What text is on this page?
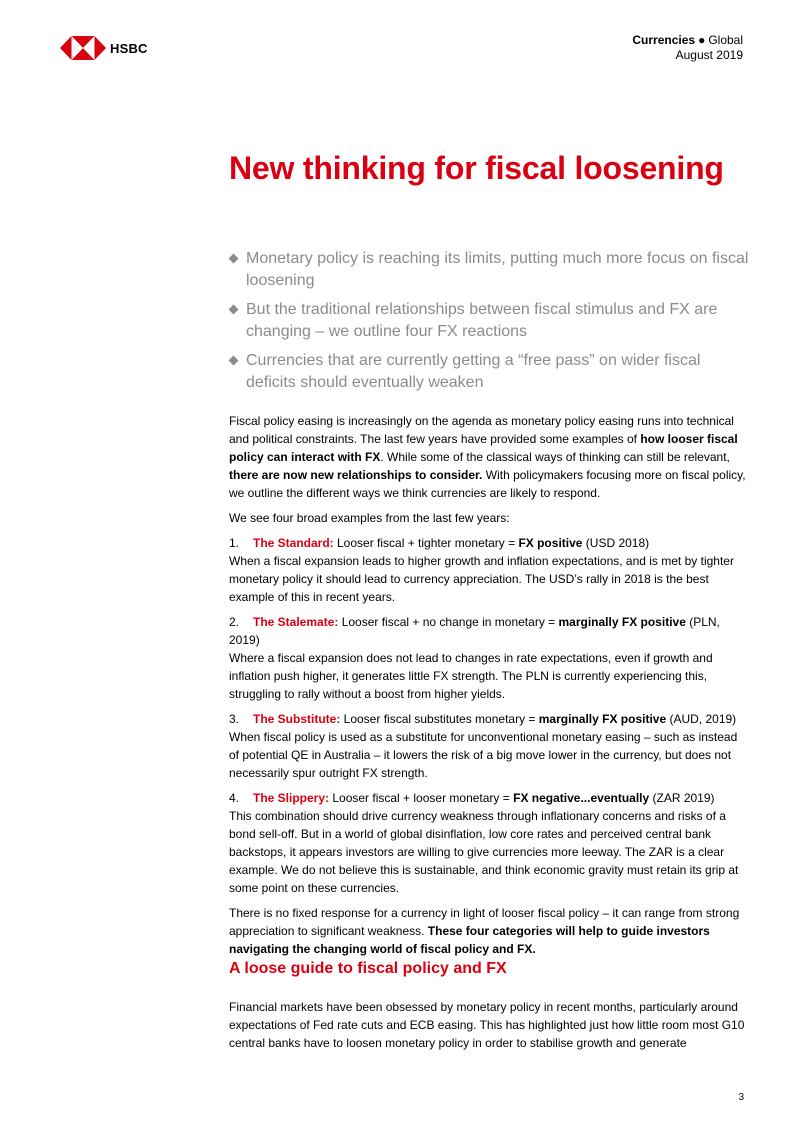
HSBC
Currencies ● Global
August 2019
New thinking for fiscal loosening
Monetary policy is reaching its limits, putting much more focus on fiscal loosening
But the traditional relationships between fiscal stimulus and FX are changing – we outline four FX reactions
Currencies that are currently getting a “free pass” on wider fiscal deficits should eventually weaken

Fiscal policy easing is increasingly on the agenda as monetary policy easing runs into technical and political constraints. The last few years have provided some examples of how looser fiscal policy can interact with FX. While some of the classical ways of thinking can still be relevant, there are now new relationships to consider. With policymakers focusing more on fiscal policy, we outline the different ways we think currencies are likely to respond.

We see four broad examples from the last few years:

1. The Standard: Looser fiscal + tighter monetary = FX positive (USD 2018)
When a fiscal expansion leads to higher growth and inflation expectations, and is met by tighter monetary policy it should lead to currency appreciation. The USD’s rally in 2018 is the best example of this in recent years.

2. The Stalemate: Looser fiscal + no change in monetary = marginally FX positive (PLN, 2019)
Where a fiscal expansion does not lead to changes in rate expectations, even if growth and inflation push higher, it generates little FX strength. The PLN is currently experiencing this, struggling to rally without a boost from higher yields.

3. The Substitute: Looser fiscal substitutes monetary = marginally FX positive (AUD, 2019)
When fiscal policy is used as a substitute for unconventional monetary easing – such as instead of potential QE in Australia – it lowers the risk of a big move lower in the currency, but does not necessarily spur outright FX strength.

4. The Slippery: Looser fiscal + looser monetary = FX negative...eventually (ZAR 2019)
This combination should drive currency weakness through inflationary concerns and risks of a bond sell-off. But in a world of global disinflation, low core rates and perceived central bank backstops, it appears investors are willing to give currencies more leeway. The ZAR is a clear example. We do not believe this is sustainable, and think economic gravity must retain its grip at some point on these currencies.

There is no fixed response for a currency in light of looser fiscal policy – it can range from strong appreciation to significant weakness. These four categories will help to guide investors navigating the changing world of fiscal policy and FX.

A loose guide to fiscal policy and FX

Financial markets have been obsessed by monetary policy in recent months, particularly around expectations of Fed rate cuts and ECB easing. This has highlighted just how little room most G10 central banks have to loosen monetary policy in order to stabilise growth and generate

3
